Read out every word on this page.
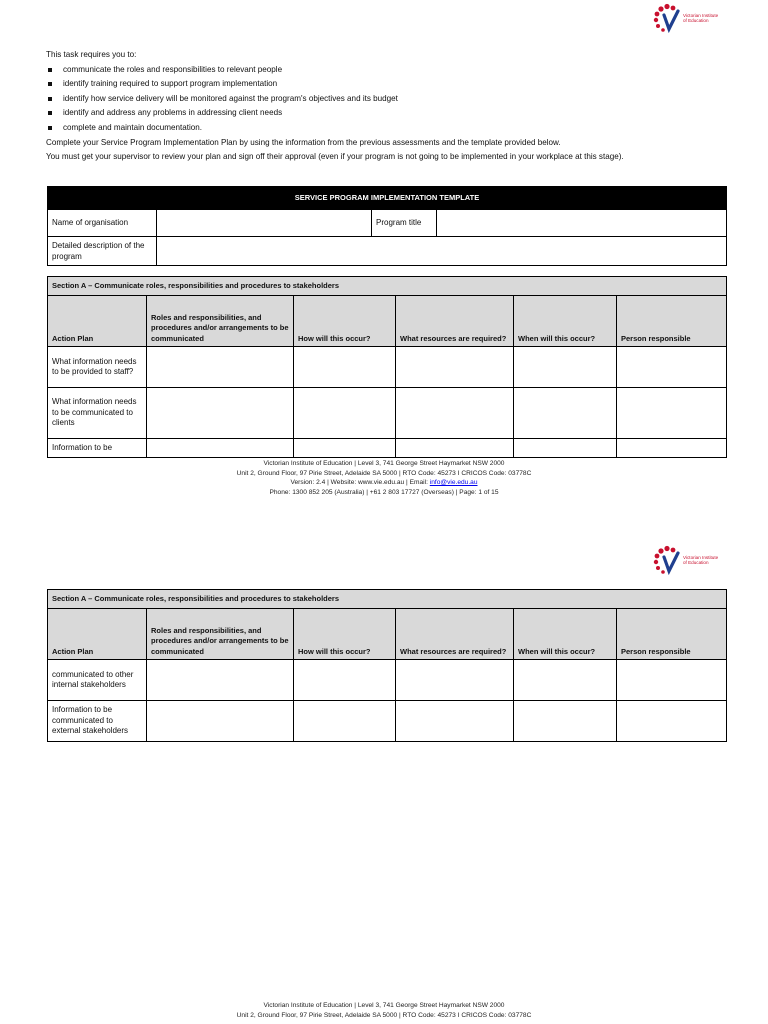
Victorian Institute of Education

This task requires you to:

communicate the roles and responsibilities to relevant people
identify training required to support program implementation
identify how service delivery will be monitored against the program's objectives and its budget
identify and address any problems in addressing client needs
complete and maintain documentation.

Complete your Service Program Implementation Plan by using the information from the previous assessments and the template provided below.

You must get your supervisor to review your plan and sign off their approval (even if your program is not going to be implemented in your workplace at this stage).

SERVICE PROGRAM IMPLEMENTATION TEMPLATE			
Name of organisation		Program title	
Detailed description of the program			
Section A – Communicate roles, responsibilities and procedures to stakeholders					
Action Plan	Roles and responsibilities, and procedures and/or arrangements to be communicated	How will this occur?	What resources are required?	When will this occur?	Person responsible
What information needs to be provided to staff?					
What information needs to be communicated to clients					
Information to be					
Victorian Institute of Education | Level 3, 741 George Street Haymarket NSW 2000
Unit 2, Ground Floor, 97 Pirie Street, Adelaide SA 5000 | RTO Code: 45273 I CRICOS Code: 03778C
Version: 2.4 | Website: www.vie.edu.au | Email: info@vie.edu.au
Phone: 1300 852 205 (Australia) | +61 2 803 17727 (Overseas) | Page: 1 of 15
Victorian Institute of Education
Section A – Communicate roles, responsibilities and procedures to stakeholders					
Action Plan	Roles and responsibilities, and procedures and/or arrangements to be communicated	How will this occur?	What resources are required?	When will this occur?	Person responsible
communicated to other internal stakeholders					
Information to be communicated to external stakeholders					
Victorian Institute of Education | Level 3, 741 George Street Haymarket NSW 2000
Unit 2, Ground Floor, 97 Pirie Street, Adelaide SA 5000 | RTO Code: 45273 I CRICOS Code: 03778C
